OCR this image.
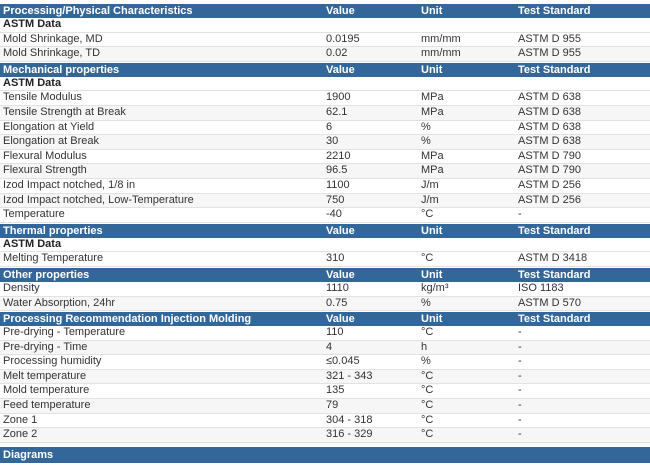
Processing/Physical Characteristics	Value	Unit	Test Standard
ASTM Data
Mold Shrinkage, MD	0.0195	mm/mm	ASTM D 955
Mold Shrinkage, TD	0.02	mm/mm	ASTM D 955
Mechanical properties	Value	Unit	Test Standard
ASTM Data
Tensile Modulus	1900	MPa	ASTM D 638
Tensile Strength at Break	62.1	MPa	ASTM D 638
Elongation at Yield	6	%	ASTM D 638
Elongation at Break	30	%	ASTM D 638
Flexural Modulus	2210	MPa	ASTM D 790
Flexural Strength	96.5	MPa	ASTM D 790
Izod Impact notched, 1/8 in	1100	J/m	ASTM D 256
Izod Impact notched, Low-Temperature	750	J/m	ASTM D 256
Temperature	-40	°C	-
Thermal properties	Value	Unit	Test Standard
ASTM Data
Melting Temperature	310	°C	ASTM D 3418
Other properties	Value	Unit	Test Standard
Density	1110	kg/m³	ISO 1183
Water Absorption, 24hr	0.75	%	ASTM D 570
Processing Recommendation Injection Molding	Value	Unit	Test Standard
Pre-drying - Temperature	110	°C	-
Pre-drying - Time	4	h	-
Processing humidity	≤0.045	%	-
Melt temperature	321 - 343	°C	-
Mold temperature	135	°C	-
Feed temperature	79	°C	-
Zone 1	304 - 318	°C	-
Zone 2	316 - 329	°C	-
Diagrams
